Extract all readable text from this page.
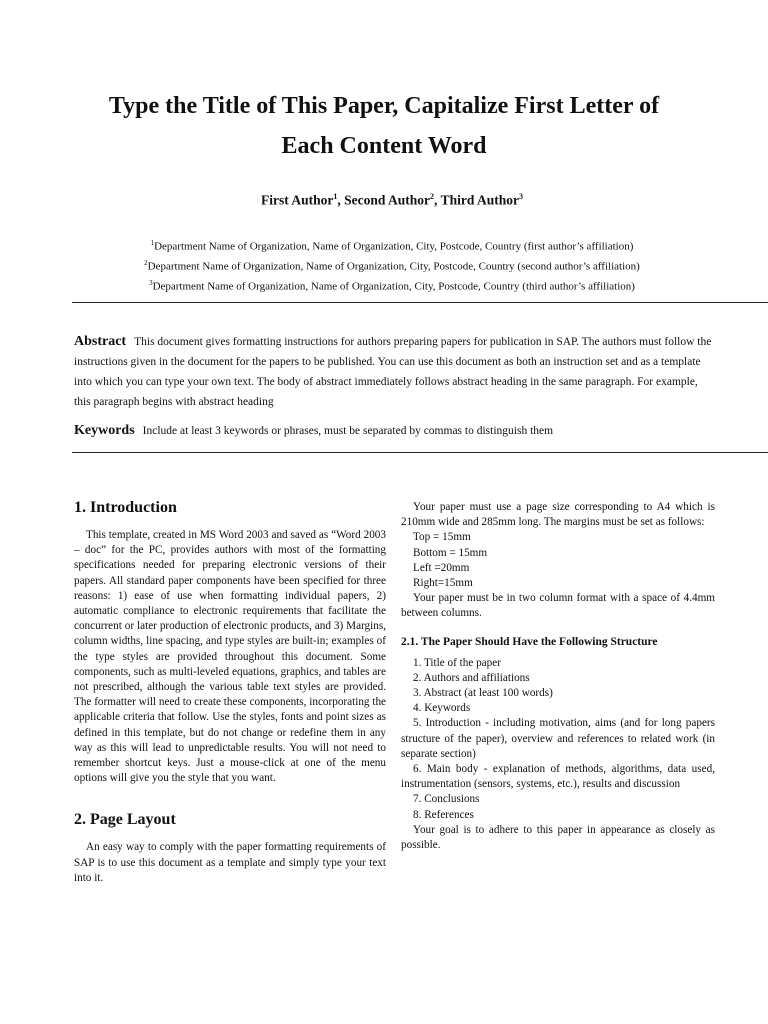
Type the Title of This Paper, Capitalize First Letter of
Each Content Word
First Author$^1$, Second Author$^2$, Third Author$^3$
$^1$Department Name of Organization, Name of Organization, City, Postcode, Country (first author’s affiliation)
$^2$Department Name of Organization, Name of Organization, City, Postcode, Country (second author’s affiliation)
$^3$Department Name of Organization, Name of Organization, City, Postcode, Country (third author’s affiliation)
Abstract This document gives formatting instructions for authors preparing papers for publication in SAP. The authors must follow the instructions given in the document for the papers to be published. You can use this document as both an instruction set and as a template into which you can type your own text. The body of abstract immediately follows abstract heading in the same paragraph. For example, this paragraph begins with abstract heading
Keywords Include at least 3 keywords or phrases, must be separated by commas to distinguish them
1. Introduction

This template, created in MS Word 2003 and saved as “Word 2003 – doc” for the PC, provides authors with most of the formatting specifications needed for preparing electronic versions of their papers. All standard paper components have been specified for three reasons: 1) ease of use when formatting individual papers, 2) automatic compliance to electronic requirements that facilitate the concurrent or later production of electronic products, and 3) Margins, column widths, line spacing, and type styles are built-in; examples of the type styles are provided throughout this document. Some components, such as multi-leveled equations, graphics, and tables are not prescribed, although the various table text styles are provided. The formatter will need to create these components, incorporating the applicable criteria that follow. Use the styles, fonts and point sizes as defined in this template, but do not change or redefine them in any way as this will lead to unpredictable results. You will not need to remember shortcut keys. Just a mouse-click at one of the menu options will give you the style that you want.

2. Page Layout

An easy way to comply with the paper formatting requirements of SAP is to use this document as a template and simply type your text into it.

Your paper must use a page size corresponding to A4 which is 210mm wide and 285mm long. The margins must be set as follows:

Top = 15mm

Bottom = 15mm

Left =20mm

Right=15mm

Your paper must be in two column format with a space of 4.4mm between columns.

2.1. The Paper Should Have the Following Structure

1. Title of the paper

2. Authors and affiliations

3. Abstract (at least 100 words)

4. Keywords

5. Introduction - including motivation, aims (and for long papers structure of the paper), overview and references to related work (in separate section)

6. Main body - explanation of methods, algorithms, data used, instrumentation (sensors, systems, etc.), results and discussion

7. Conclusions

8. References

Your goal is to adhere to this paper in appearance as closely as possible.
